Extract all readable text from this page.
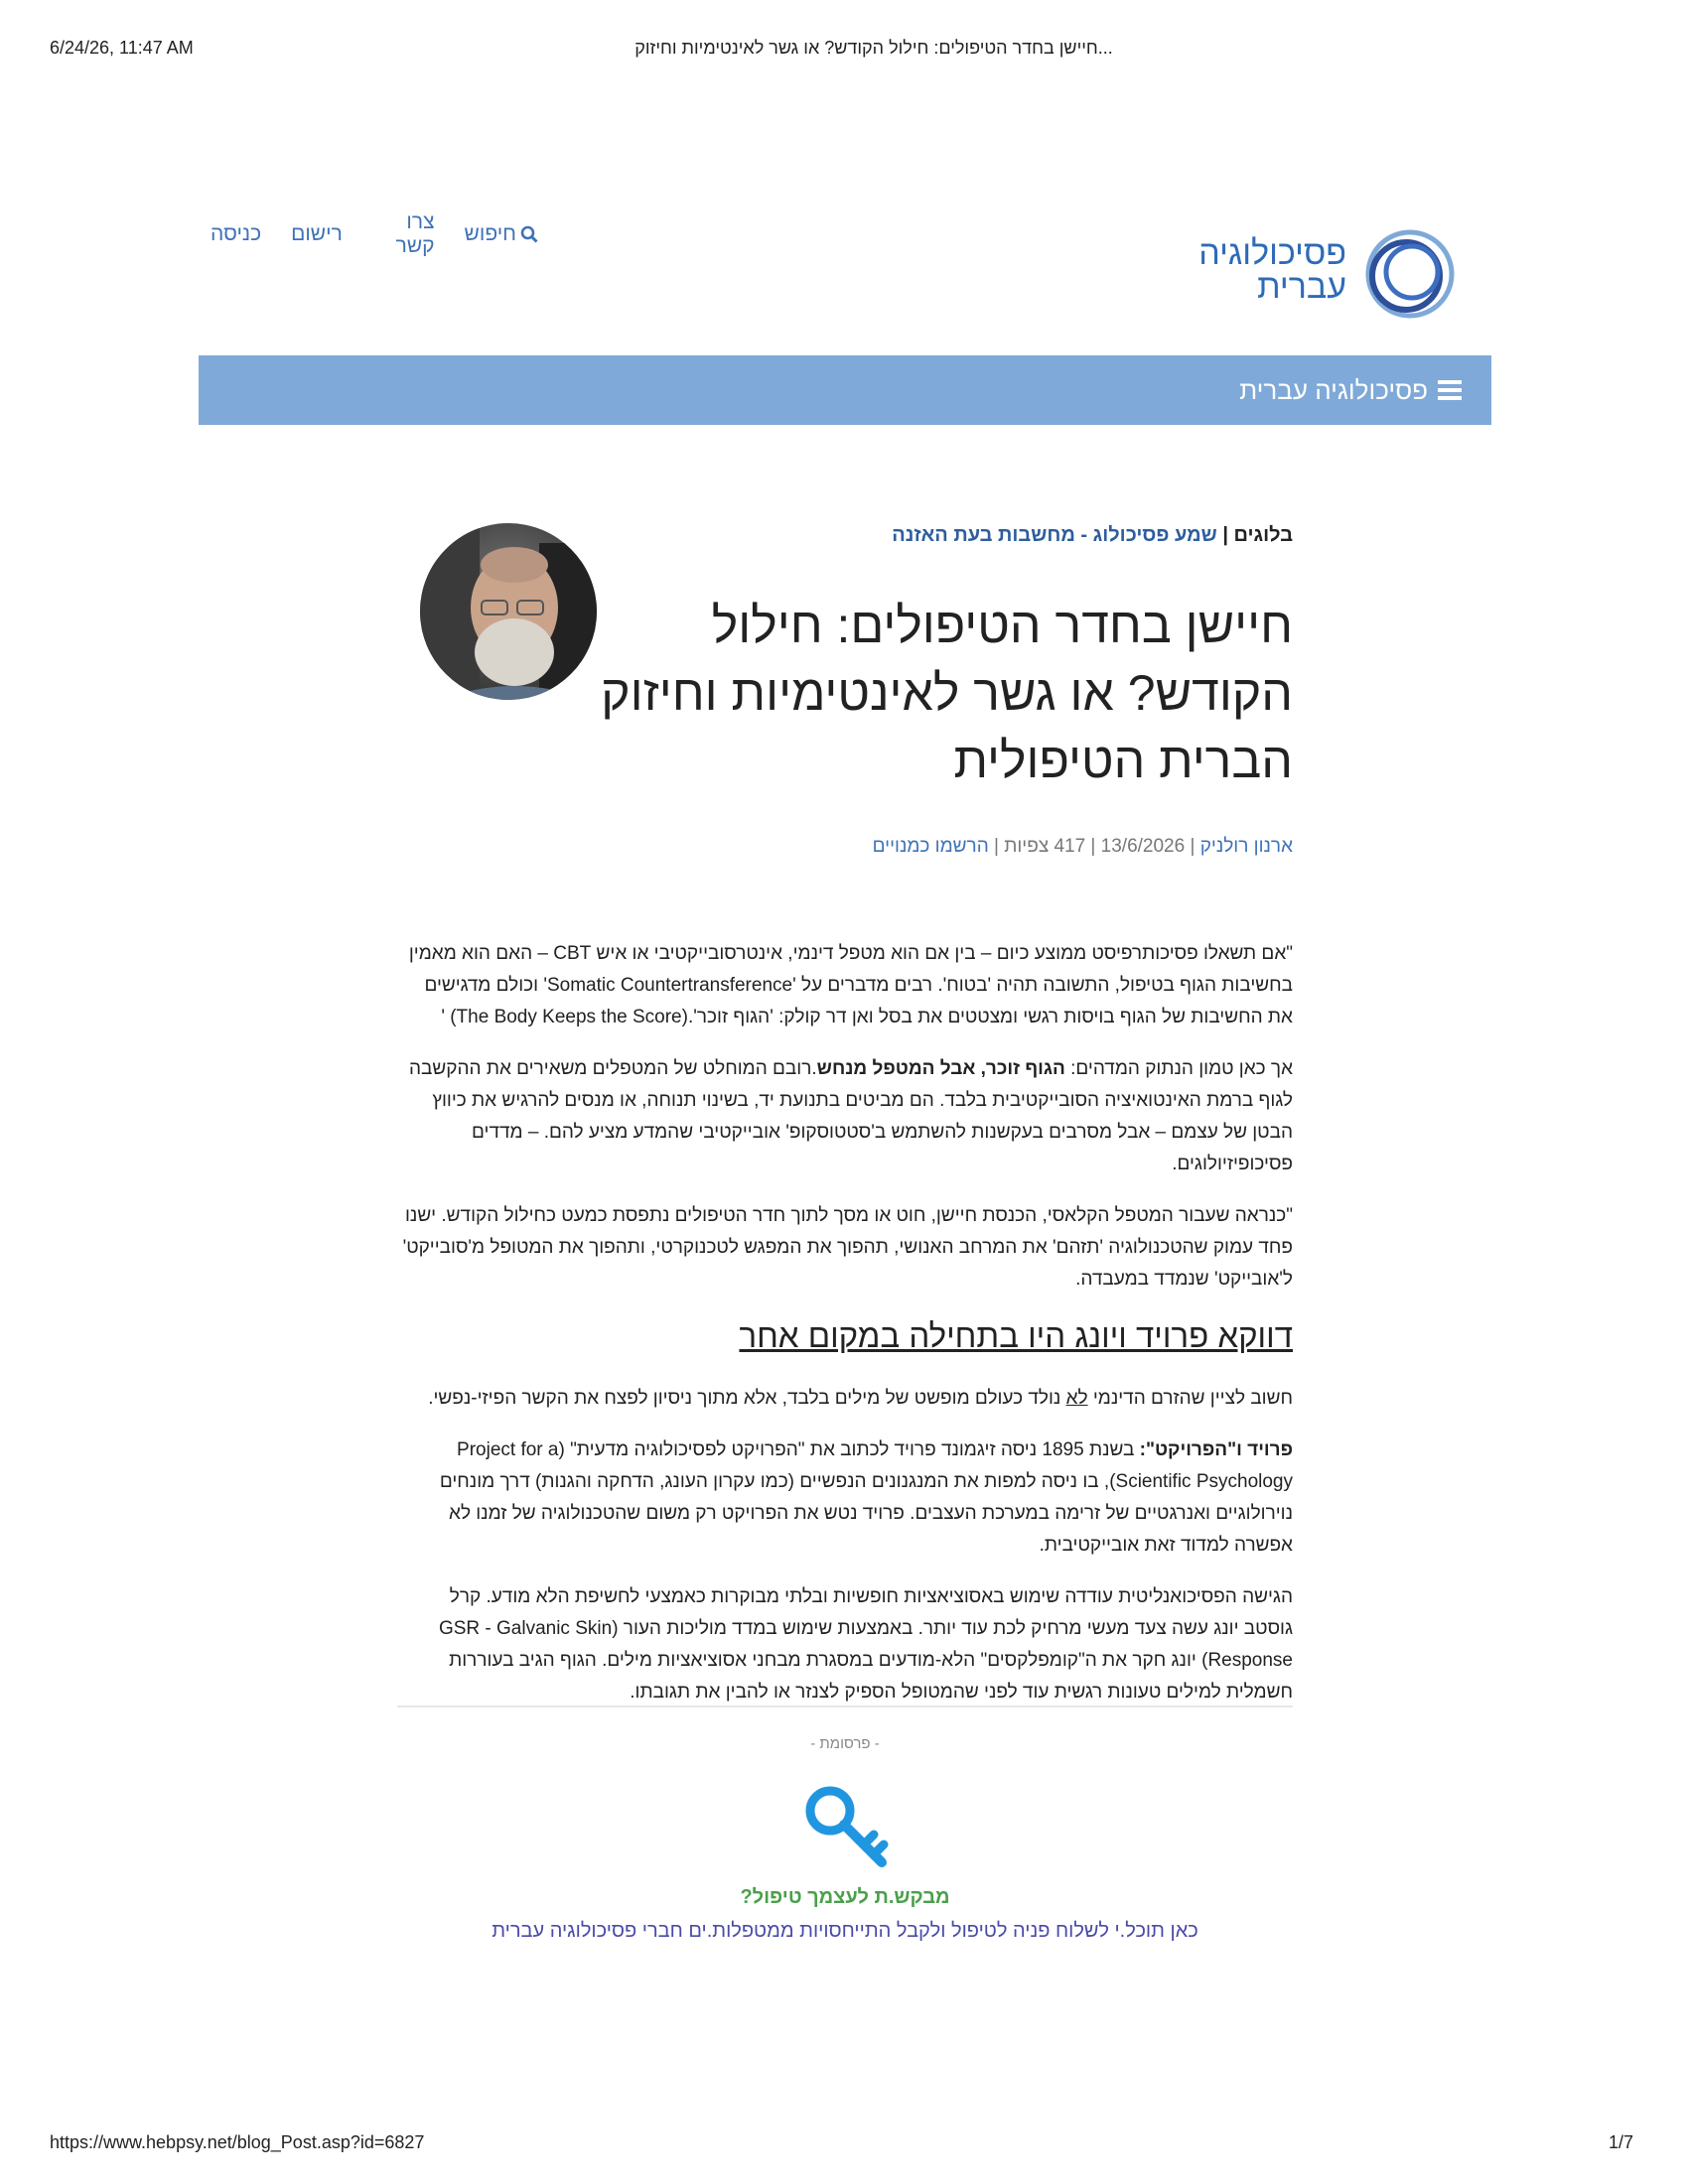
6/24/26, 11:47 AM	...חיישן בחדר הטיפולים: חילול הקודש? או גשר לאינטימיות וחיזוק
פסיכולוגיה
עברית
חיפוש
צרו קשר
רישום
כניסה
פסיכולוגיה עברית
בלוגים | שמע פסיכולוג - מחשבות בעת האזנה
חיישן בחדר הטיפולים: חילול הקודש? או גשר לאינטימיות וחיזוק הברית הטיפולית
ארנון רולניק | 13/6/2026 | 417 צפיות | הרשמו כמנויים

"אם תשאלו פסיכותרפיסט ממוצע כיום – בין אם הוא מטפל דינמי, אינטרסובייקטיבי או איש CBT – האם הוא מאמין בחשיבות הגוף בטיפול, התשובה תהיה 'בטוח'. רבים מדברים על 'Somatic Countertransference' וכולם מדגישים את החשיבות של הגוף בויסות רגשי ומצטטים את בסל ואן דר קולק: 'הגוף זוכר'.(The Body Keeps the Score) '

אך כאן טמון הנתוק המדהים: הגוף זוכר, אבל המטפל מנחש.רובם המוחלט של המטפלים משאירים את ההקשבה לגוף ברמת האינטואיציה הסובייקטיבית בלבד. הם מביטים בתנועת יד, בשינוי תנוחה, או מנסים להרגיש את כיווץ הבטן של עצמם – אבל מסרבים בעקשנות להשתמש ב'סטטוסקופ' אובייקטיבי שהמדע מציע להם. – מדדים פסיכופיזיולוגים.

"כנראה שעבור המטפל הקלאסי, הכנסת חיישן, חוט או מסך לתוך חדר הטיפולים נתפסת כמעט כחילול הקודש. ישנו פחד עמוק שהטכנולוגיה 'תזהם' את המרחב האנושי, תהפוך את המפגש לטכנוקרטי, ותהפוך את המטופל מ'סובייקט' ל'אובייקט' שנמדד במעבדה.

דווקא פרויד ויונג היו בתחילה במקום אחר

חשוב לציין שהזרם הדינמי לא נולד כעולם מופשט של מילים בלבד, אלא מתוך ניסיון לפצח את הקשר הפיזי-נפשי.

פרויד ו"הפרויקט": בשנת 1895 ניסה זיגמונד פרויד לכתוב את "הפרויקט לפסיכולוגיה מדעית" (Project for a Scientific Psychology), בו ניסה למפות את המנגנונים הנפשיים (כמו עקרון העונג, הדחקה והגנות) דרך מונחים נוירולוגיים ואנרגטיים של זרימה במערכת העצבים. פרויד נטש את הפרויקט רק משום שהטכנולוגיה של זמנו לא אפשרה למדוד זאת אובייקטיבית.

הגישה הפסיכואנליטית עודדה שימוש באסוציאציות חופשיות ובלתי מבוקרות כאמצעי לחשיפת הלא מודע. קרל גוסטב יונג עשה צעד מעשי מרחיק לכת עוד יותר. באמצעות שימוש במדד מוליכות העור (GSR - Galvanic Skin Response) יונג חקר את ה"קומפלקסים" הלא-מודעים במסגרת מבחני אסוציאציות מילים. הגוף הגיב בעוררות חשמלית למילים טעונות רגשית עוד לפני שהמטופל הספיק לצנזר או להבין את תגובתו.

- פרסומת -
מבקש.ת לעצמך טיפול?
כאן תוכל.י לשלוח פניה לטיפול ולקבל התייחסויות ממטפלות.ים חברי פסיכולוגיה עברית
https://www.hebpsy.net/blog_Post.asp?id=6827	1/7
